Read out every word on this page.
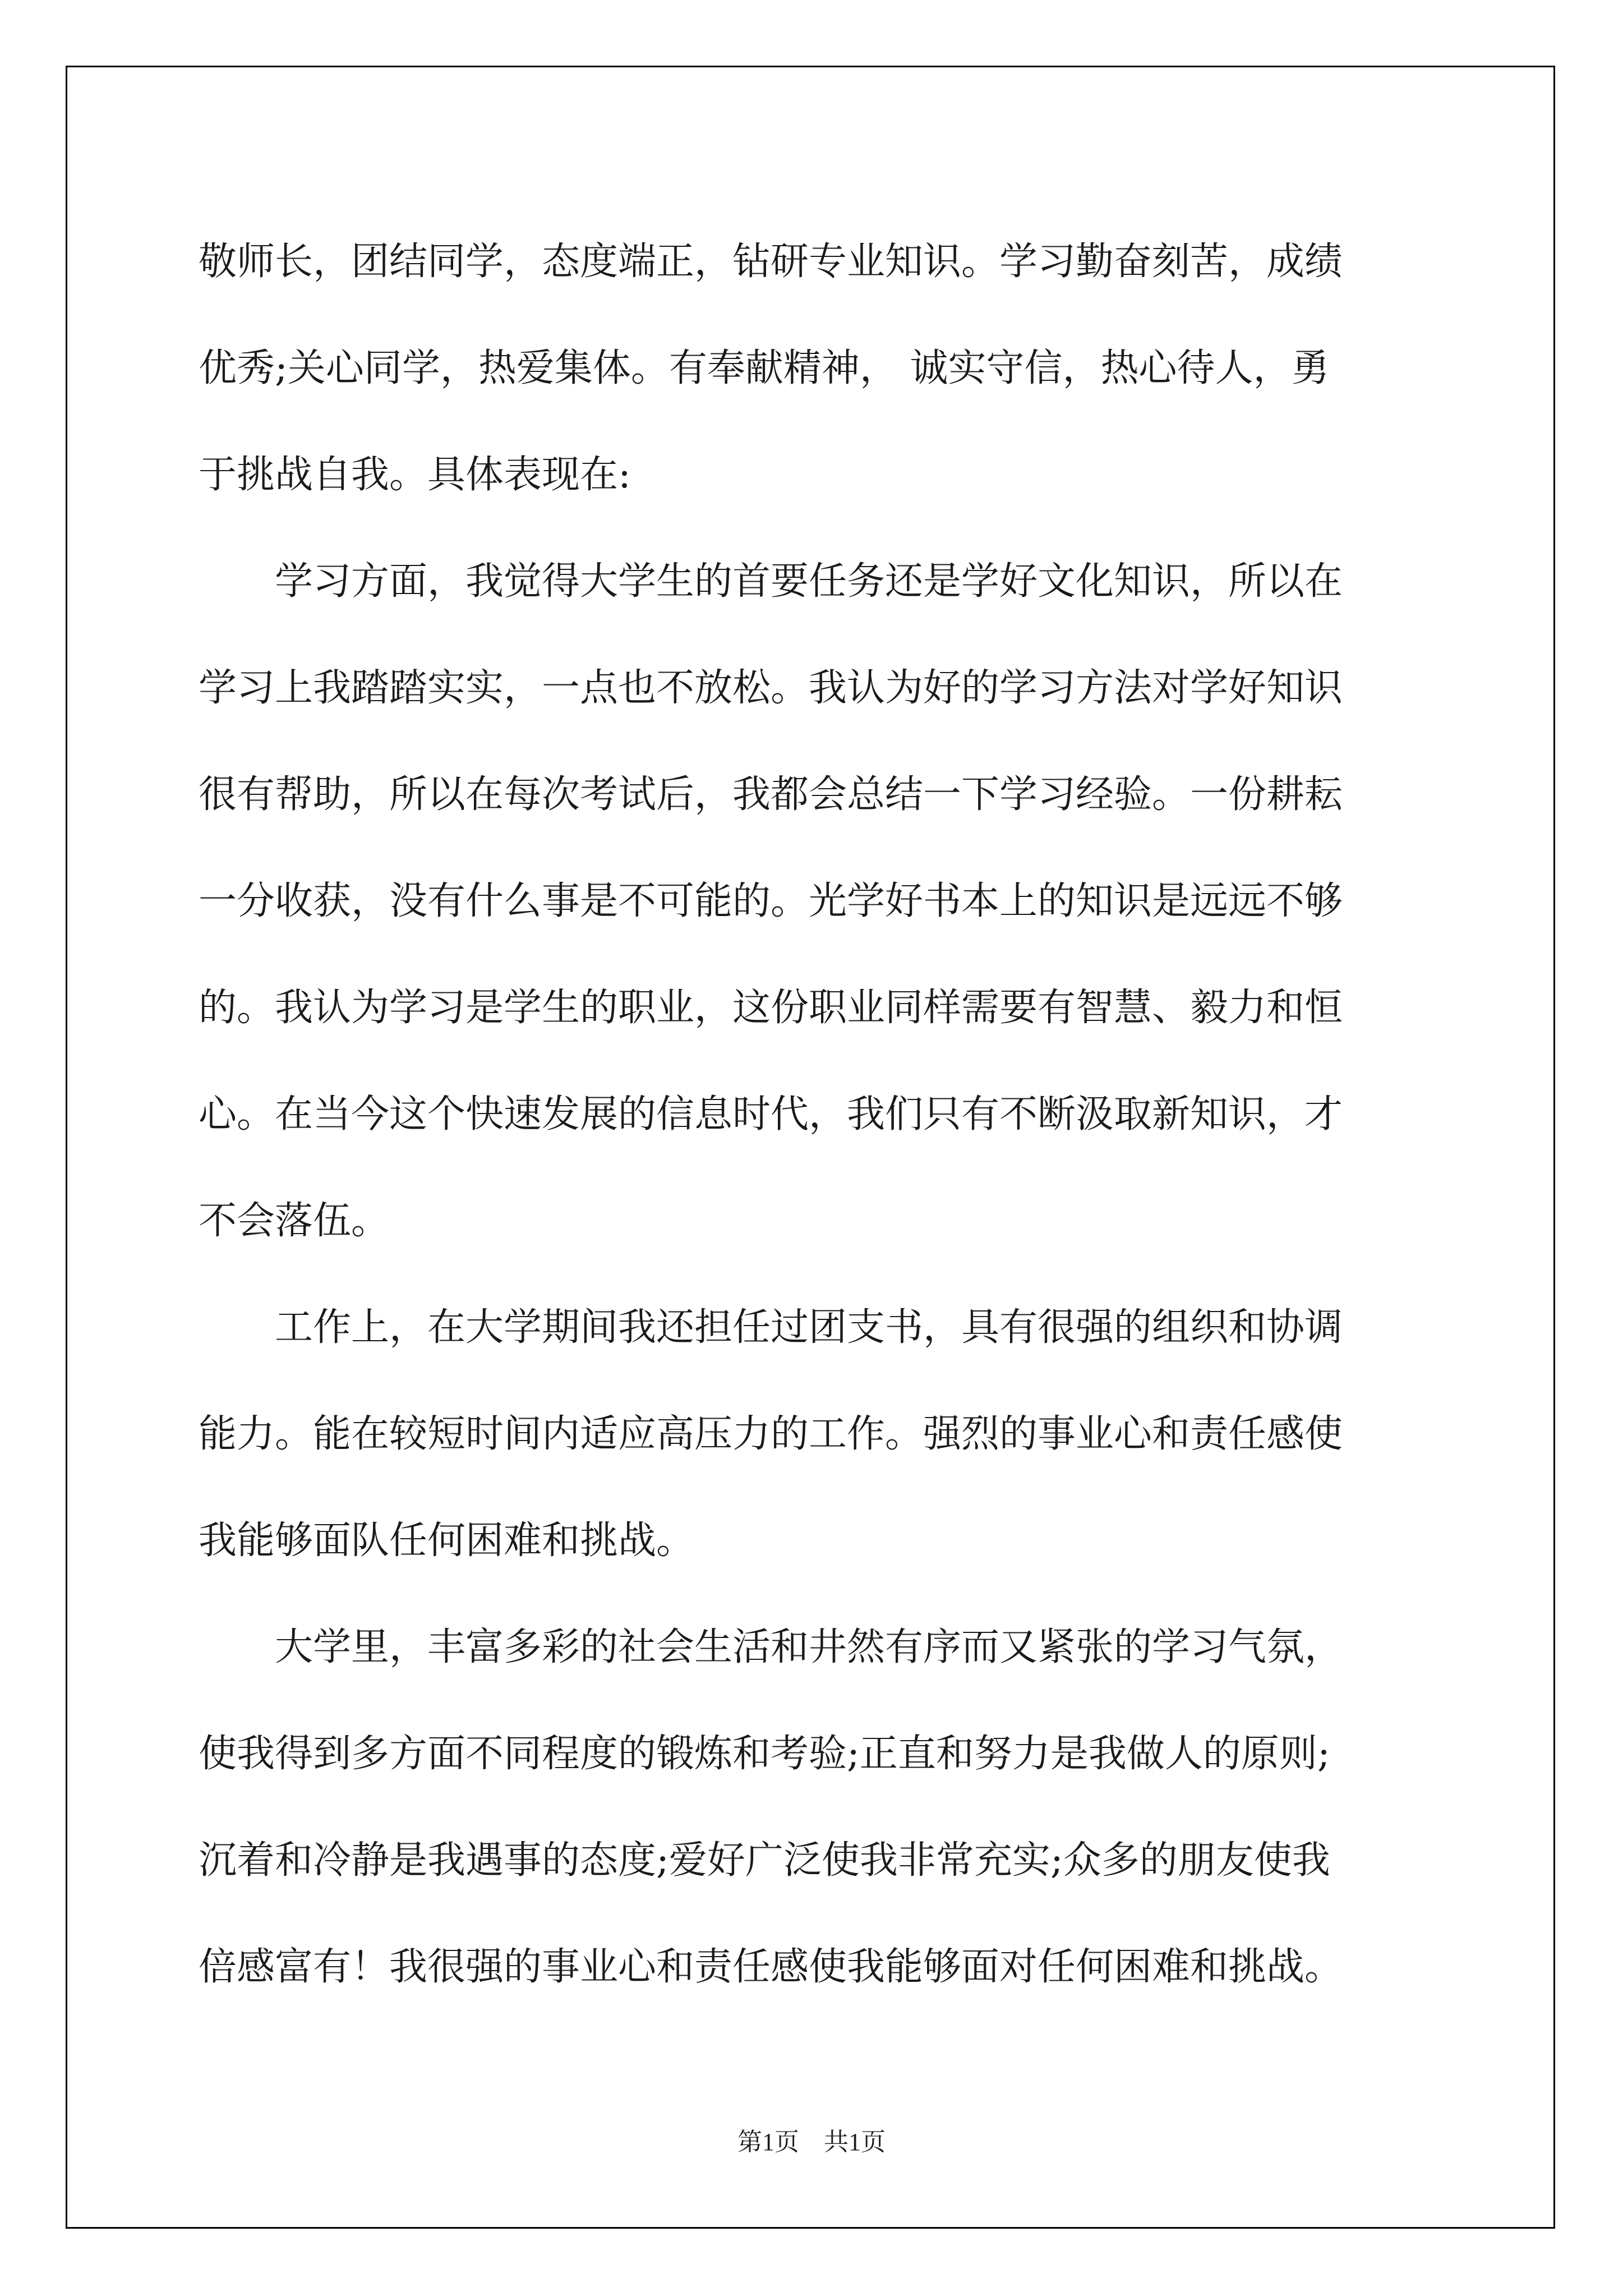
敬师长，团结同学，态度端正，钻研专业知识。学习勤奋刻苦，成绩

优秀;关心同学，热爱集体。有奉献精神， 诚实守信，热心待人，勇

于挑战自我。具体表现在:

　　学习方面，我觉得大学生的首要任务还是学好文化知识，所以在

学习上我踏踏实实，一点也不放松。我认为好的学习方法对学好知识

很有帮助，所以在每次考试后，我都会总结一下学习经验。一份耕耘

一分收获，没有什么事是不可能的。光学好书本上的知识是远远不够

的。我认为学习是学生的职业，这份职业同样需要有智慧、毅力和恒

心。在当今这个快速发展的信息时代，我们只有不断汲取新知识，才

不会落伍。

　　工作上，在大学期间我还担任过团支书，具有很强的组织和协调

能力。能在较短时间内适应高压力的工作。强烈的事业心和责任感使

我能够面队任何困难和挑战。

　　大学里，丰富多彩的社会生活和井然有序而又紧张的学习气氛，

使我得到多方面不同程度的锻炼和考验;正直和努力是我做人的原则;

沉着和冷静是我遇事的态度;爱好广泛使我非常充实;众多的朋友使我

倍感富有！我很强的事业心和责任感使我能够面对任何困难和挑战。

第1页　共1页
